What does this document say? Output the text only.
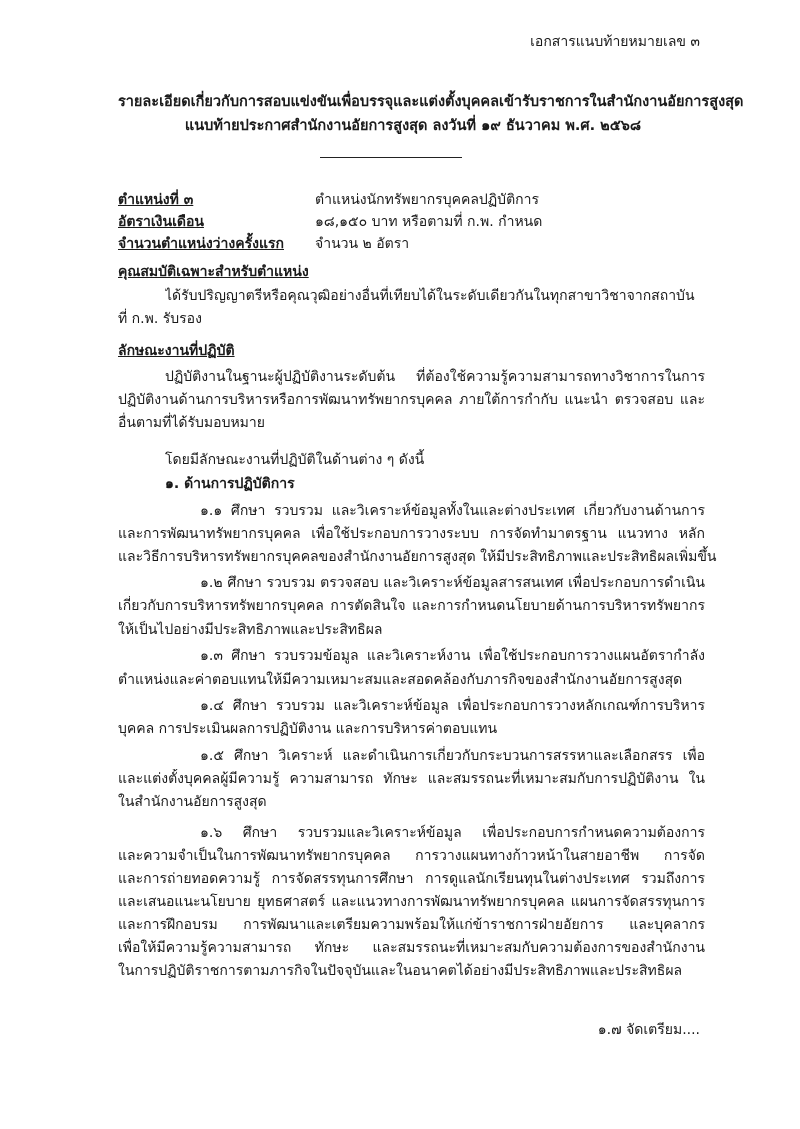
เอกสารแนบท้ายหมายเลข ๓
รายละเอียดเกี่ยวกับการสอบแข่งขันเพื่อบรรจุและแต่งตั้งบุคคลเข้ารับราชการในสำนักงานอัยการสูงสุด
แนบท้ายประกาศสำนักงานอัยการสูงสุด ลงวันที่ ๑๙ ธันวาคม พ.ศ. ๒๕๖๘
ตำแหน่งที่ ๓	ตำแหน่งนักทรัพยากรบุคคลปฏิบัติการ
อัตราเงินเดือน	๑๘,๑๕๐ บาท หรือตามที่ ก.พ. กำหนด
จำนวนตำแหน่งว่างครั้งแรก จำนวน ๒ อัตรา
คุณสมบัติเฉพาะสำหรับตำแหน่ง
ได้รับปริญญาตรีหรือคุณวุฒิอย่างอื่นที่เทียบได้ในระดับเดียวกันในทุกสาขาวิชาจากสถาบัน
ที่ ก.พ. รับรอง
ลักษณะงานที่ปฏิบัติ
ปฏิบัติงานในฐานะผู้ปฏิบัติงานระดับต้น ที่ต้องใช้ความรู้ความสามารถทางวิชาการในการ
ปฏิบัติงานด้านการบริหารหรือการพัฒนาทรัพยากรบุคคล ภายใต้การกำกับ แนะนำ ตรวจสอบ และ
อื่นตามที่ได้รับมอบหมาย
โดยมีลักษณะงานที่ปฏิบัติในด้านต่าง ๆ ดังนี้
๑. ด้านการปฏิบัติการ
๑.๑ ศึกษา รวบรวม และวิเคราะห์ข้อมูลทั้งในและต่างประเทศ เกี่ยวกับงานด้านการ
และการพัฒนาทรัพยากรบุคคล เพื่อใช้ประกอบการวางระบบ การจัดทำมาตรฐาน แนวทาง หลัก
และวิธีการบริหารทรัพยากรบุคคลของสำนักงานอัยการสูงสุด ให้มีประสิทธิภาพและประสิทธิผลเพิ่มขึ้น
๑.๒ ศึกษา รวบรวม ตรวจสอบ และวิเคราะห์ข้อมูลสารสนเทศ เพื่อประกอบการดำเนิน
เกี่ยวกับการบริหารทรัพยากรบุคคล การตัดสินใจ และการกำหนดนโยบายด้านการบริหารทรัพยากร
ให้เป็นไปอย่างมีประสิทธิภาพและประสิทธิผล
๑.๓ ศึกษา รวบรวมข้อมูล และวิเคราะห์งาน เพื่อใช้ประกอบการวางแผนอัตรากำลัง
ตำแหน่งและค่าตอบแทนให้มีความเหมาะสมและสอดคล้องกับภารกิจของสำนักงานอัยการสูงสุด
๑.๔ ศึกษา รวบรวม และวิเคราะห์ข้อมูล เพื่อประกอบการวางหลักเกณฑ์การบริหาร
บุคคล การประเมินผลการปฏิบัติงาน และการบริหารค่าตอบแทน
๑.๕ ศึกษา วิเคราะห์ และดำเนินการเกี่ยวกับกระบวนการสรรหาและเลือกสรร เพื่อ
และแต่งตั้งบุคคลผู้มีความรู้ ความสามารถ ทักษะ และสมรรถนะที่เหมาะสมกับการปฏิบัติงาน ใน
ในสำนักงานอัยการสูงสุด
๑.๖ ศึกษา รวบรวมและวิเคราะห์ข้อมูล เพื่อประกอบการกำหนดความต้องการ
และความจำเป็นในการพัฒนาทรัพยากรบุคคล การวางแผนทางก้าวหน้าในสายอาชีพ การจัด
และการถ่ายทอดความรู้ การจัดสรรทุนการศึกษา การดูแลนักเรียนทุนในต่างประเทศ รวมถึงการ
และเสนอแนะนโยบาย ยุทธศาสตร์ และแนวทางการพัฒนาทรัพยากรบุคคล แผนการจัดสรรทุนการ
และการฝึกอบรม การพัฒนาและเตรียมความพร้อมให้แก่ข้าราชการฝ่ายอัยการ และบุคลากร
เพื่อให้มีความรู้ความสามารถ ทักษะ และสมรรถนะที่เหมาะสมกับความต้องการของสำนักงาน
ในการปฏิบัติราชการตามภารกิจในปัจจุบันและในอนาคตได้อย่างมีประสิทธิภาพและประสิทธิผล
๑.๗ จัดเตรียม....
